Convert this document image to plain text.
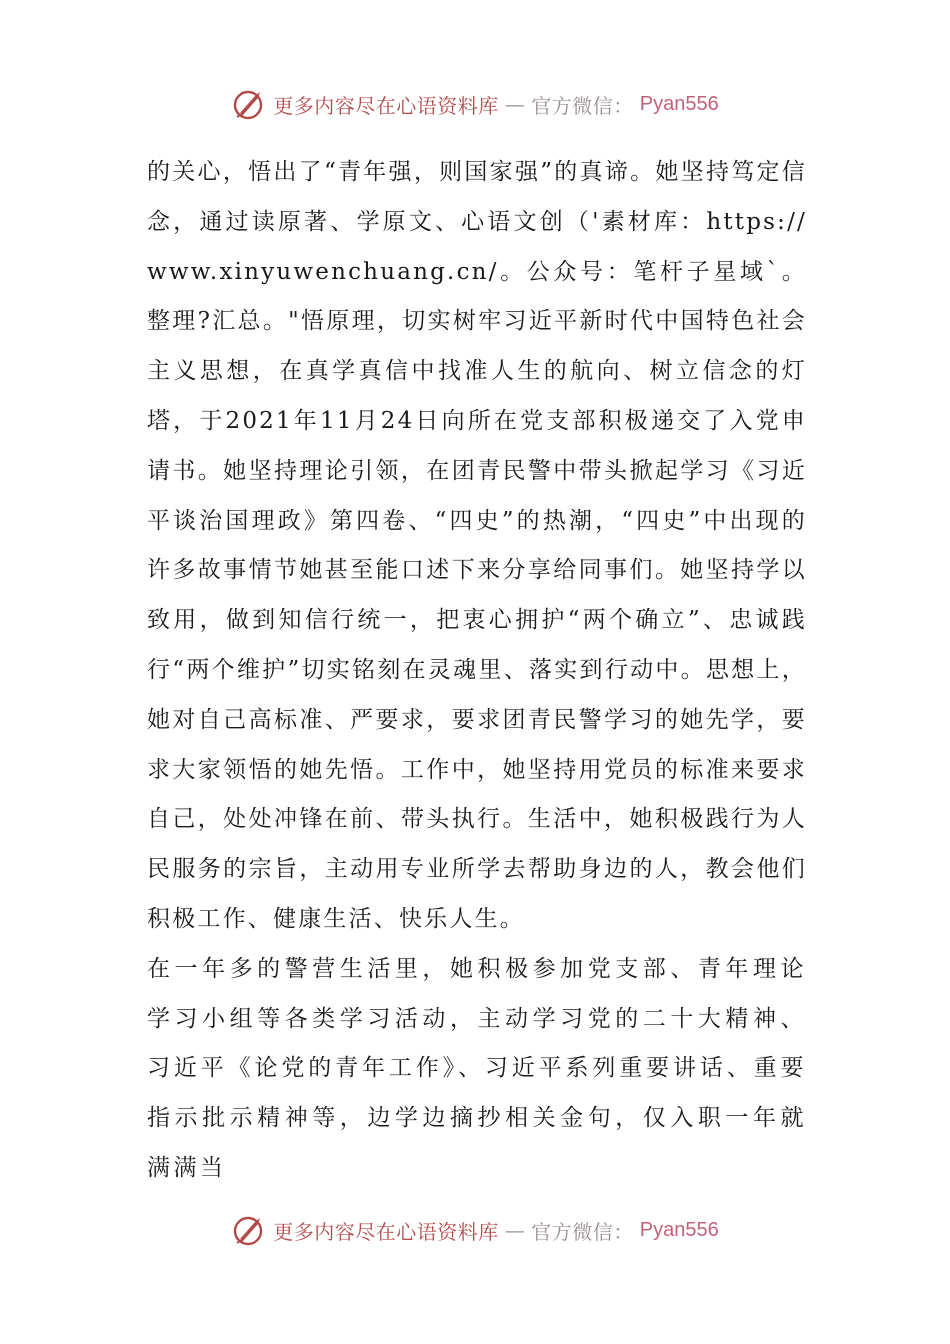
更多内容尽在心语资料库 — 官方微信： Pyan556

的关心，悟出了“青年强，则国家强”的真谛。她坚持笃定信念，通过读原著、学原文、心语文创（'素材库：https://www.xinyuwenchuang.cn/。公众号：笔杆子星域`。整理?汇总。"悟原理，切实树牢习近平新时代中国特色社会主义思想，在真学真信中找准人生的航向、树立信念的灯塔，于2021年11月24日向所在党支部积极递交了入党申请书。她坚持理论引领，在团青民警中带头掀起学习《习近平谈治国理政》第四卷、“四史”的热潮，“四史”中出现的许多故事情节她甚至能口述下来分享给同事们。她坚持学以致用，做到知信行统一，把衷心拥护“两个确立”、忠诚践行“两个维护”切实铭刻在灵魂里、落实到行动中。思想上，她对自己高标准、严要求，要求团青民警学习的她先学，要求大家领悟的她先悟。工作中，她坚持用党员的标准来要求自己，处处冲锋在前、带头执行。生活中，她积极践行为人民服务的宗旨，主动用专业所学去帮助身边的人，教会他们积极工作、健康生活、快乐人生。

在一年多的警营生活里，她积极参加党支部、青年理论学习小组等各类学习活动，主动学习党的二十大精神、习近平《论党的青年工作》、习近平系列重要讲话、重要指示批示精神等，边学边摘抄相关金句，仅入职一年就满满当

更多内容尽在心语资料库 — 官方微信： Pyan556
